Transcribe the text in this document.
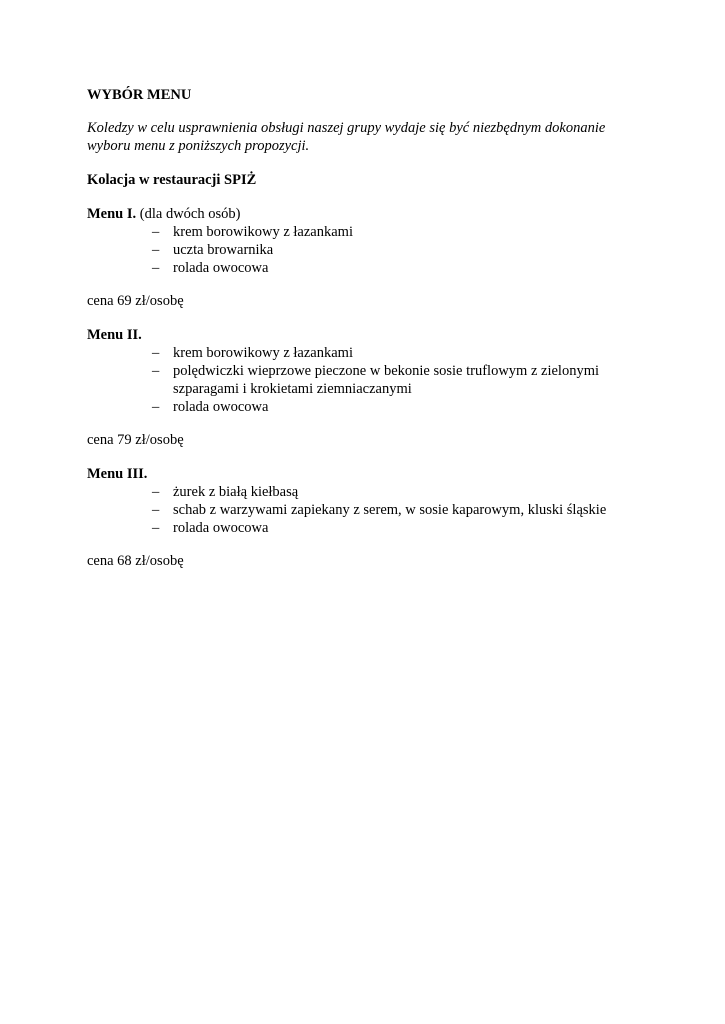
WYBÓR MENU

Koledzy w celu usprawnienia obsługi naszej grupy wydaje się być niezbędnym dokonanie wyboru menu z poniższych propozycji.

Kolacja w restauracji SPIŻ

Menu I. (dla dwóch osób)

– krem borowikowy z łazankami
– uczta browarnika
– rolada owocowa

cena 69 zł/osobę

Menu II.

– krem borowikowy z łazankami
– polędwiczki wieprzowe pieczone w bekonie sosie truflowym z zielonymi szparagami i krokietami ziemniaczanymi
– rolada owocowa

cena 79 zł/osobę

Menu III.

– żurek z białą kiełbasą
– schab z warzywami zapiekany z serem, w sosie kaparowym, kluski śląskie
– rolada owocowa

cena 68 zł/osobę
